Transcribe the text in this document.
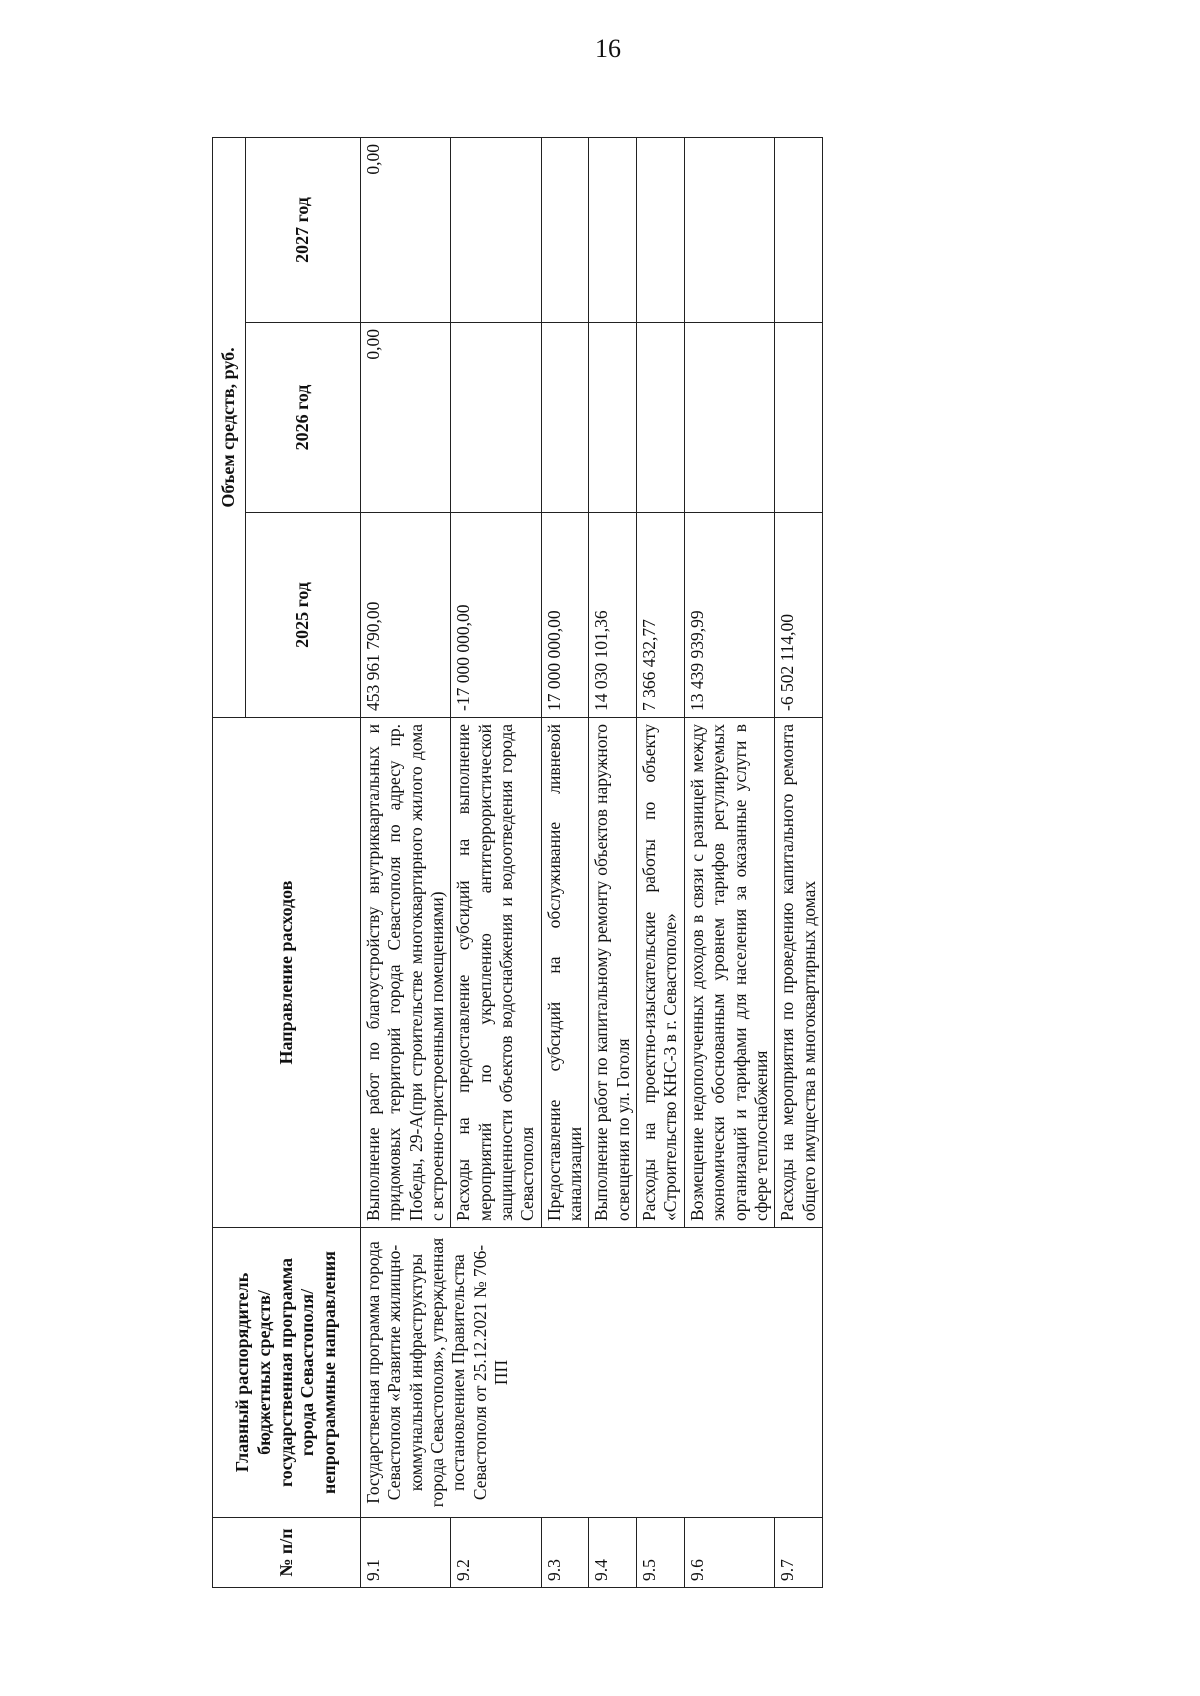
16
№ п/п	Главный распорядитель бюджетных средств/государственная программа города Севастополя/непрограммные направления	Направление расходов	Объем средств, руб.		
			2025 год	2026 год	2027 год
9.1	Государственная программа города Севастополя «Развитие жилищно-коммунальной инфраструктуры города Севастополя», утвержденная постановлением Правительства Севастополя от 25.12.2021 № 706-ПП	Выполнение работ по благоустройству внутриквартальных и придомовых территорий города Севастополя по адресу пр. Победы, 29-А(при строительстве многоквартирного жилого дома с встроенно-пристроенными помещениями)	453 961 790,00	0,00	0,00
9.2		Расходы на предоставление субсидий на выполнение мероприятий по укреплению антитеррористической защищенности объектов водоснабжения и водоотведения города Севастополя	-17 000 000,00		
9.3		Предоставление субсидий на обслуживание ливневой канализации	17 000 000,00		
9.4		Выполнение работ по капитальному ремонту объектов наружного освещения по ул. Гоголя	14 030 101,36		
9.5		Расходы на проектно-изыскательские работы по объекту «Строительство КНС-3 в г. Севастополе»	7 366 432,77		
9.6		Возмещение недополученных доходов в связи с разницей между экономически обоснованным уровнем тарифов регулируемых организаций и тарифами для населения за оказанные услуги в сфере теплоснабжения	13 439 939,99		
9.7		Расходы на мероприятия по проведению капитального ремонта общего имущества в многоквартирных домах	-6 502 114,00		
